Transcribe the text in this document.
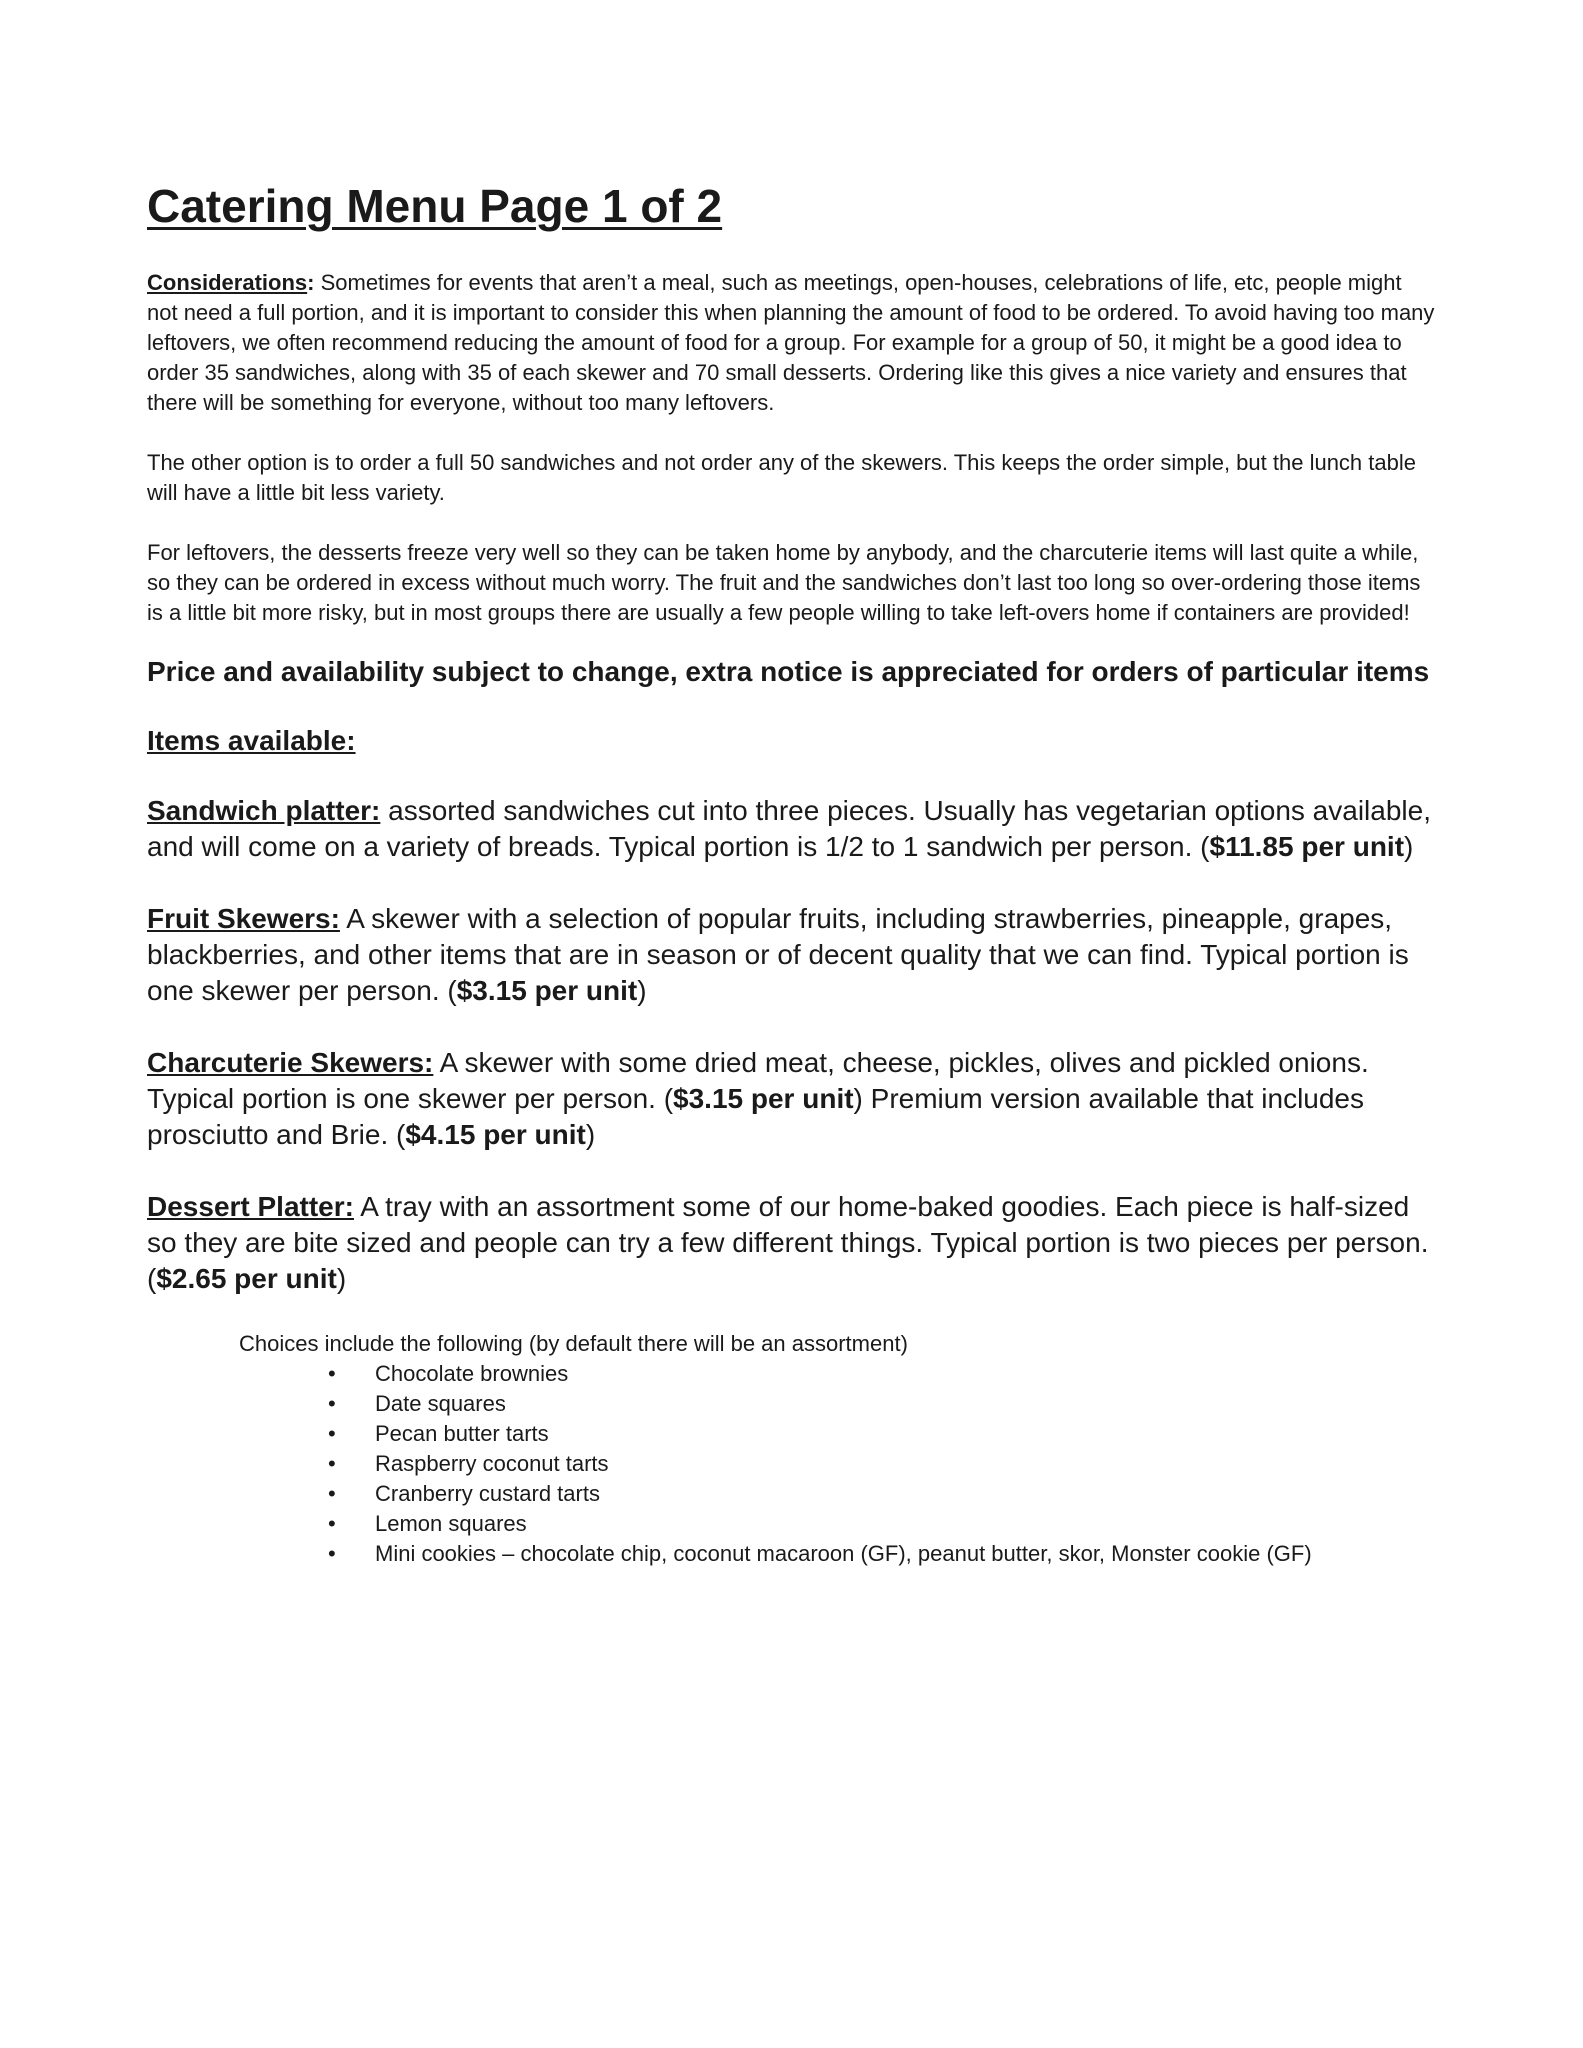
Catering Menu Page 1 of 2

Considerations: Sometimes for events that aren’t a meal, such as meetings, open-houses, celebrations of life, etc, people might not need a full portion, and it is important to consider this when planning the amount of food to be ordered. To avoid having too many leftovers, we often recommend reducing the amount of food for a group. For example for a group of 50, it might be a good idea to order 35 sandwiches, along with 35 of each skewer and 70 small desserts. Ordering like this gives a nice variety and ensures that there will be something for everyone, without too many leftovers.

The other option is to order a full 50 sandwiches and not order any of the skewers. This keeps the order simple, but the lunch table will have a little bit less variety.

For leftovers, the desserts freeze very well so they can be taken home by anybody, and the charcuterie items will last quite a while, so they can be ordered in excess without much worry. The fruit and the sandwiches don’t last too long so over-ordering those items is a little bit more risky, but in most groups there are usually a few people willing to take left-overs home if containers are provided!

Price and availability subject to change, extra notice is appreciated for orders of particular items

Items available:

Sandwich platter: assorted sandwiches cut into three pieces. Usually has vegetarian options available, and will come on a variety of breads. Typical portion is 1/2 to 1 sandwich per person. ($11.85 per unit)

Fruit Skewers: A skewer with a selection of popular fruits, including strawberries, pineapple, grapes, blackberries, and other items that are in season or of decent quality that we can find. Typical portion is one skewer per person. ($3.15 per unit)

Charcuterie Skewers: A skewer with some dried meat, cheese, pickles, olives and pickled onions. Typical portion is one skewer per person. ($3.15 per unit) Premium version available that includes prosciutto and Brie. ($4.15 per unit)

Dessert Platter: A tray with an assortment some of our home-baked goodies. Each piece is half-sized so they are bite sized and people can try a few different things. Typical portion is two pieces per person. ($2.65 per unit)

Choices include the following (by default there will be an assortment)
• Chocolate brownies
• Date squares
• Pecan butter tarts
• Raspberry coconut tarts
• Cranberry custard tarts
• Lemon squares
• Mini cookies – chocolate chip, coconut macaroon (GF), peanut butter, skor, Monster cookie (GF)
